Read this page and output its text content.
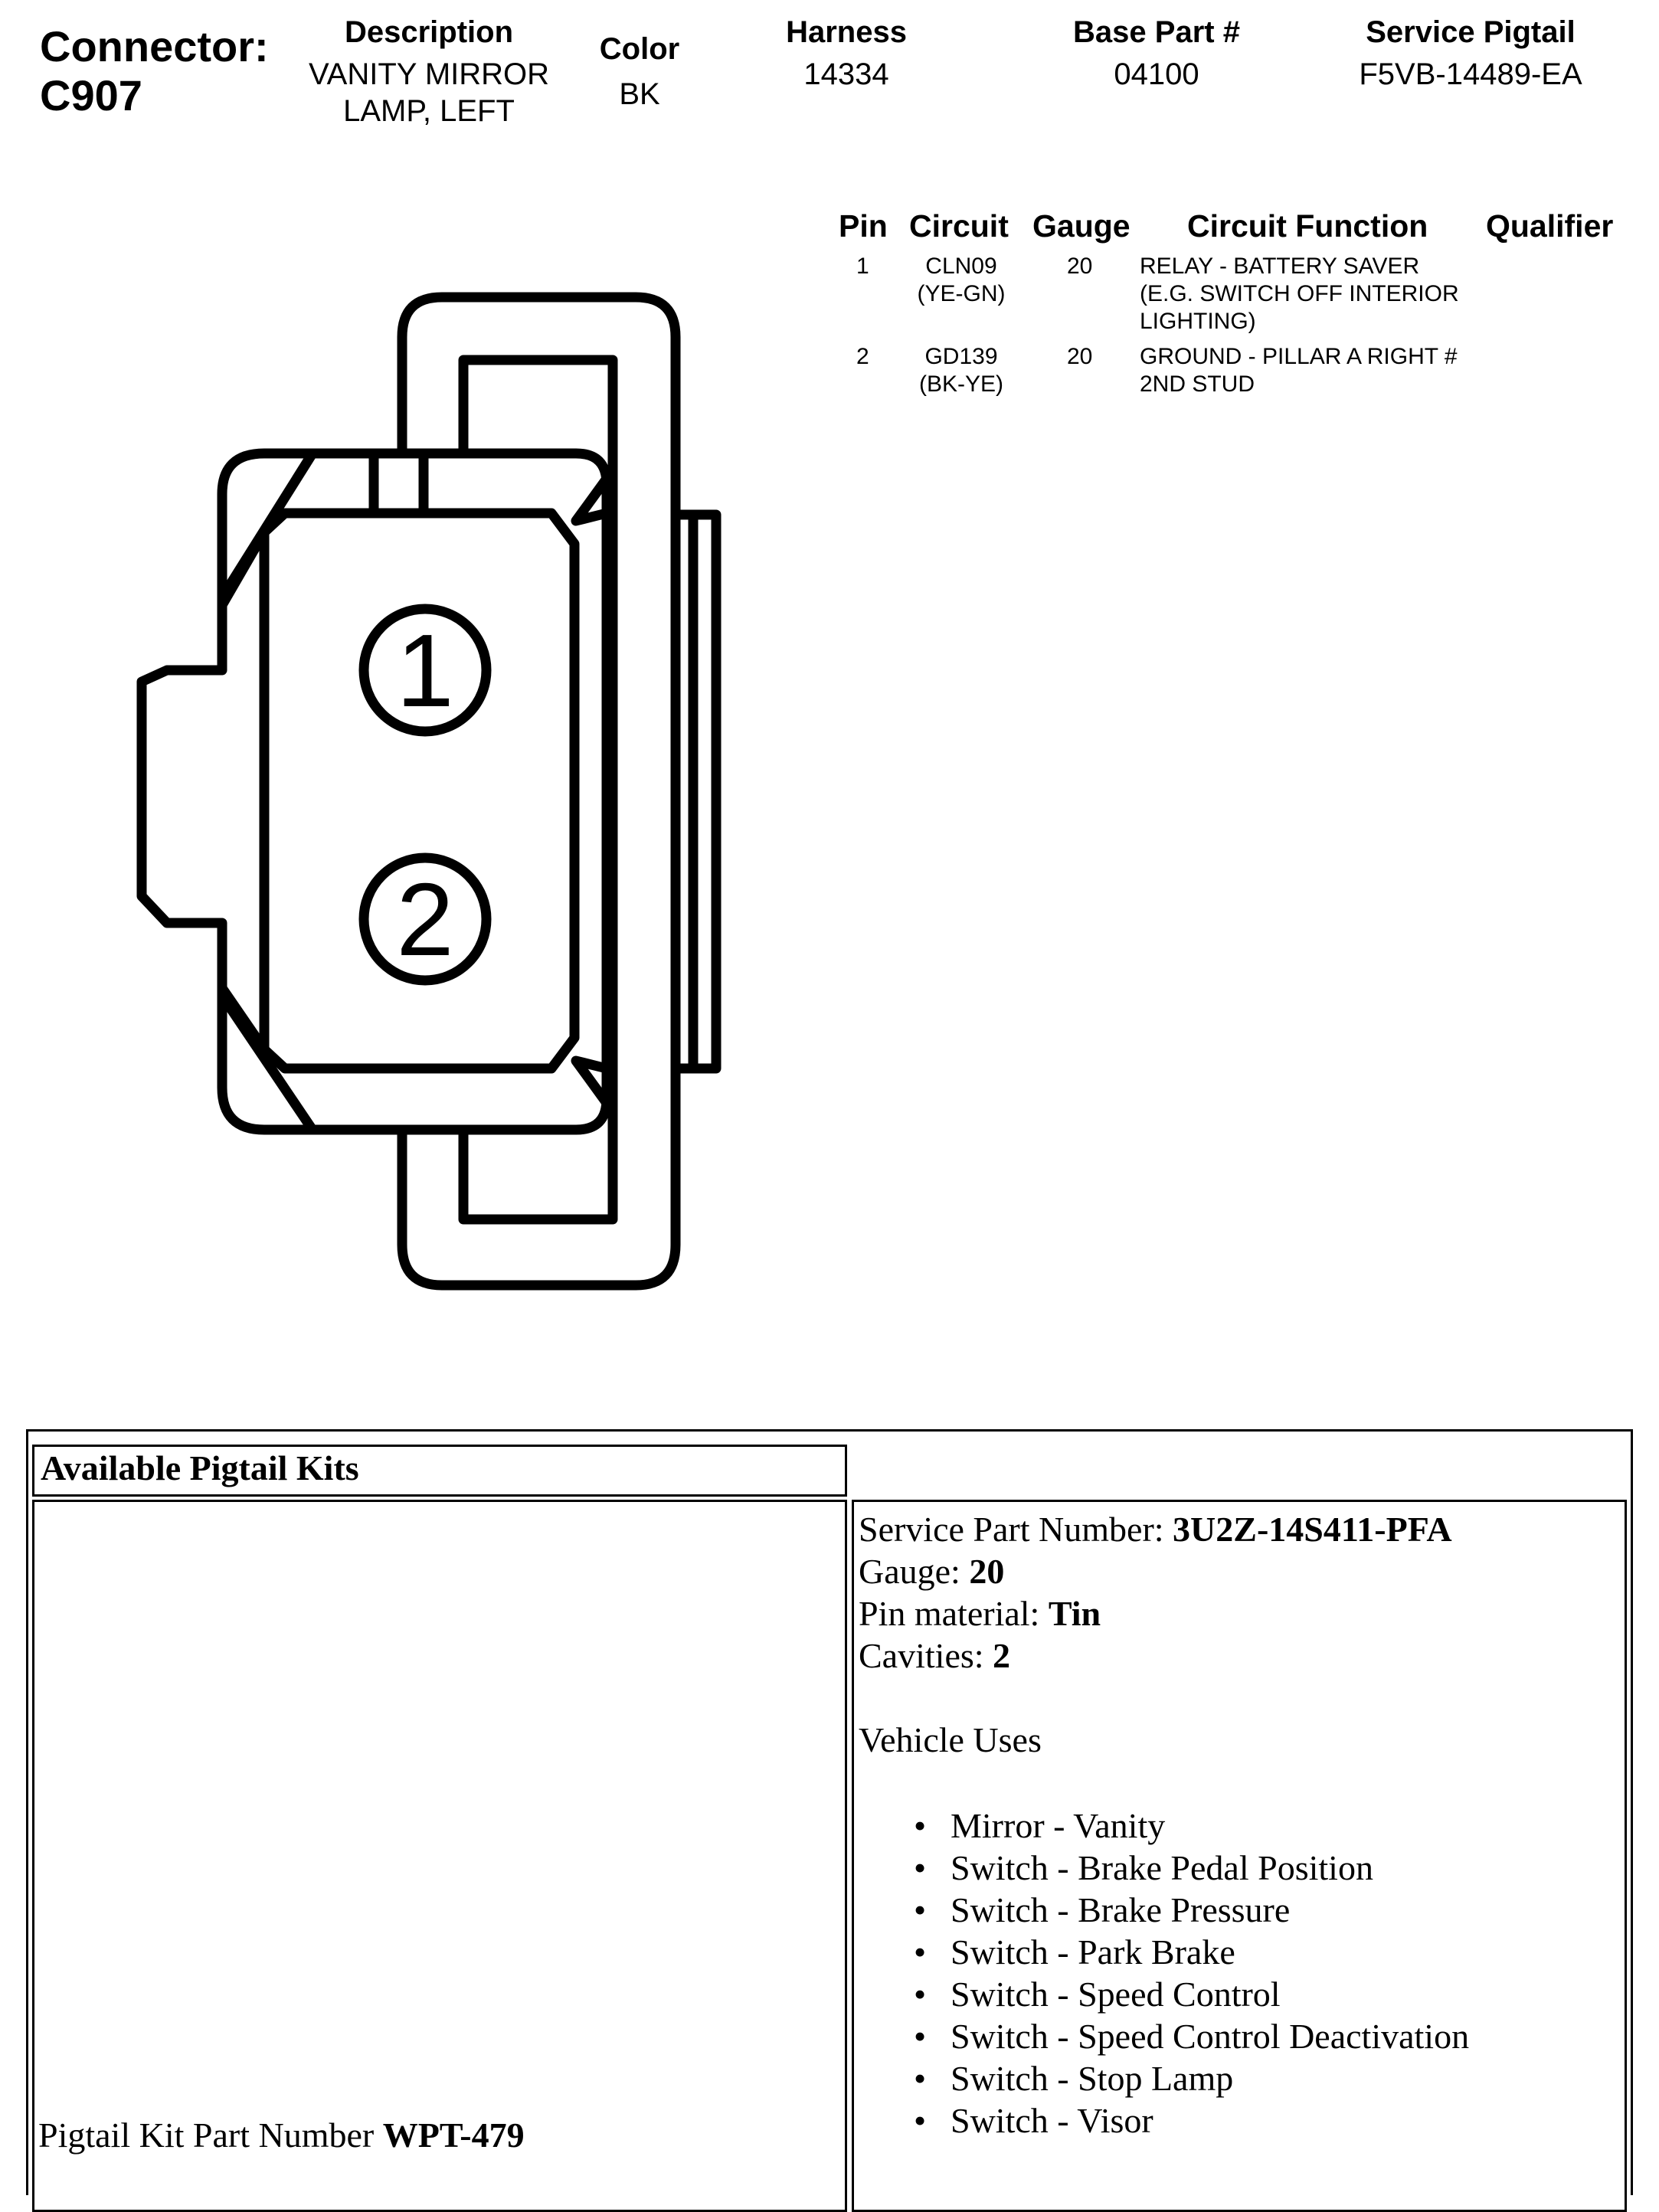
Connector:
C907
Description
VANITY MIRROR
LAMP, LEFT
Color
BK
Harness
14334
Base Part #
04100
Service Pigtail
F5VB-14489-EA
Pin Circuit Gauge Circuit Function Qualifier
1	CLN09
(YE-GN)
20 RELAY - BATTERY SAVER
(E.G. SWITCH OFF INTERIOR
LIGHTING)
2	GD139
(BK-YE)
20 GROUND - PILLAR A RIGHT #
2ND STUD
1
2
Available Pigtail Kits
Pigtail Kit Part Number WPT-479
Service Part Number: 3U2Z-14S411-PFA
Gauge: 20
Pin material: Tin
Cavities: 2
Vehicle Uses
• Mirror - Vanity
• Switch - Brake Pedal Position
• Switch - Brake Pressure
• Switch - Park Brake
• Switch - Speed Control
• Switch - Speed Control Deactivation
• Switch - Stop Lamp
• Switch - Visor
